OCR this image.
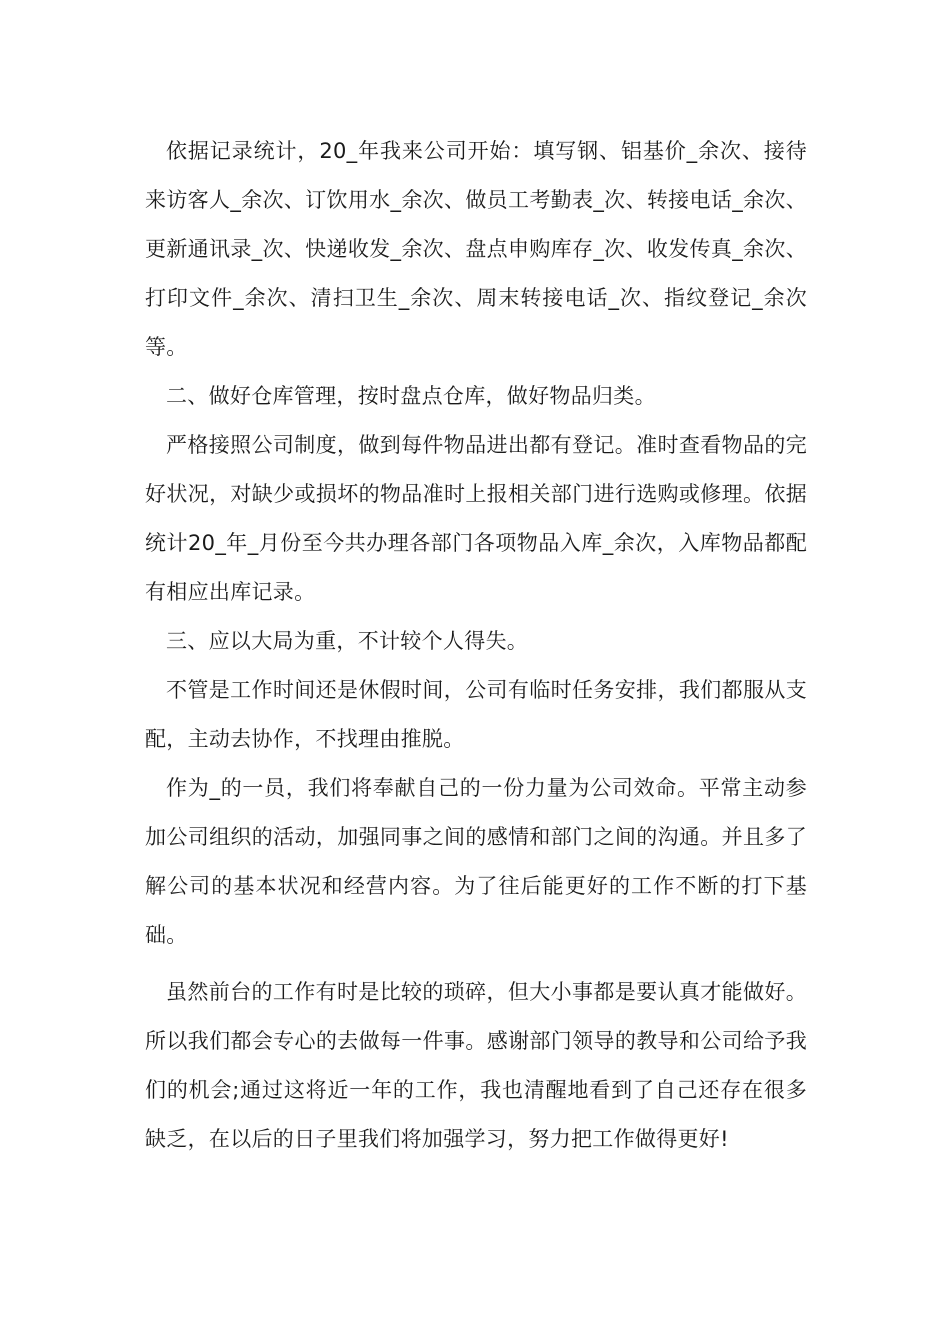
依据记录统计，20_年我来公司开始：填写钢、铝基价_余次、接待来访客人_余次、订饮用水_余次、做员工考勤表_次、转接电话_余次、更新通讯录_次、快递收发_余次、盘点申购库存_次、收发传真_余次、打印文件_余次、清扫卫生_余次、周末转接电话_次、指纹登记_余次等。

二、做好仓库管理，按时盘点仓库，做好物品归类。

严格接照公司制度，做到每件物品进出都有登记。准时查看物品的完好状况，对缺少或损坏的物品准时上报相关部门进行选购或修理。依据统计20_年_月份至今共办理各部门各项物品入库_余次，入库物品都配有相应出库记录。

三、应以大局为重，不计较个人得失。

不管是工作时间还是休假时间，公司有临时任务安排，我们都服从支配，主动去协作，不找理由推脱。

作为_的一员，我们将奉献自己的一份力量为公司效命。平常主动参加公司组织的活动，加强同事之间的感情和部门之间的沟通。并且多了解公司的基本状况和经营内容。为了往后能更好的工作不断的打下基础。

虽然前台的工作有时是比较的琐碎，但大小事都是要认真才能做好。所以我们都会专心的去做每一件事。感谢部门领导的教导和公司给予我们的机会;通过这将近一年的工作，我也清醒地看到了自己还存在很多缺乏，在以后的日子里我们将加强学习，努力把工作做得更好!
